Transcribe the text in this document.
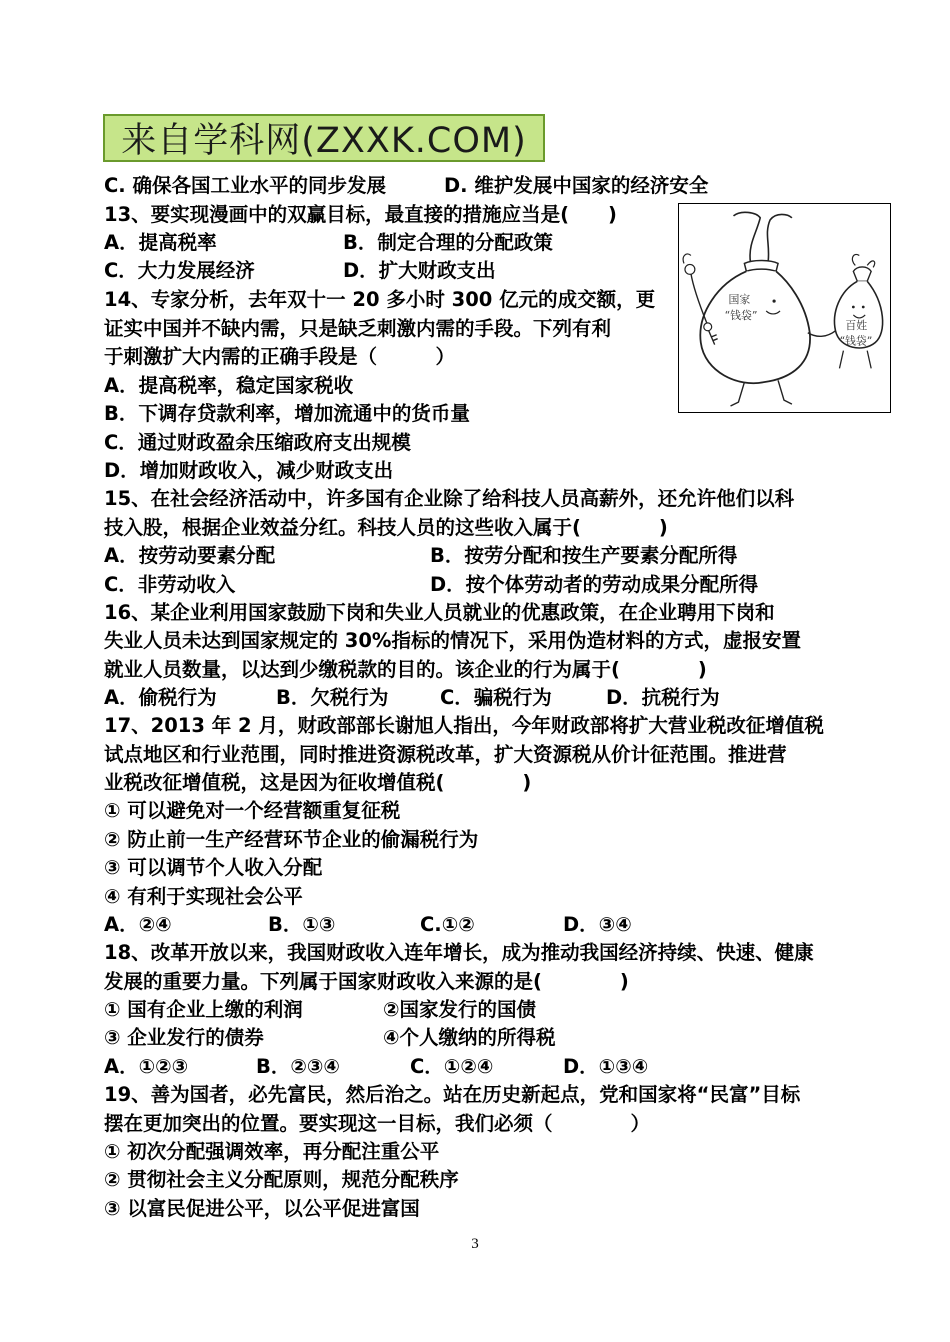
来自学科网(ZXXK.COM)
C. 确保各国工业水平的同步发展	D. 维护发展中国家的经济安全
13、要实现漫画中的双赢目标，最直接的措施应当是(　　)
A．提高税率	B．制定合理的分配政策
C．大力发展经济	D．扩大财政支出
国家
“钱袋”
百姓
“钱袋”
14、专家分析，去年双十一 20 多小时 300 亿元的成交额，更
证实中国并不缺内需，只是缺乏刺激内需的手段。下列有利
于刺激扩大内需的正确手段是（　　　）
A．提高税率，稳定国家税收
B．下调存贷款利率，增加流通中的货币量
C．通过财政盈余压缩政府支出规模
D．增加财政收入，减少财政支出
15、在社会经济活动中，许多国有企业除了给科技人员高薪外，还允许他们以科
技入股，根据企业效益分红。科技人员的这些收入属于(　　　　)
A．按劳动要素分配	B．按劳分配和按生产要素分配所得
C．非劳动收入	D．按个体劳动者的劳动成果分配所得
16、某企业利用国家鼓励下岗和失业人员就业的优惠政策，在企业聘用下岗和
失业人员未达到国家规定的 30%指标的情况下，采用伪造材料的方式，虚报安置
就业人员数量，以达到少缴税款的目的。该企业的行为属于(　　　　)
A．偷税行为	B．欠税行为	C．骗税行为	D．抗税行为
17、2013 年 2 月，财政部部长谢旭人指出，今年财政部将扩大营业税改征增值税
试点地区和行业范围，同时推进资源税改革，扩大资源税从价计征范围。推进营
业税改征增值税，这是因为征收增值税(　　　　)
① 可以避免对一个经营额重复征税
② 防止前一生产经营环节企业的偷漏税行为
③ 可以调节个人收入分配
④ 有利于实现社会公平
A．②④	B．①③	C.①②	D．③④
18、改革开放以来，我国财政收入连年增长，成为推动我国经济持续、快速、健康
发展的重要力量。下列属于国家财政收入来源的是(　　　　)
① 国有企业上缴的利润	②国家发行的国债
③ 企业发行的债券	④个人缴纳的所得税
A．①②③	B．②③④	C．①②④	D．①③④
19、善为国者，必先富民，然后治之。站在历史新起点，党和国家将“民富”目标
摆在更加突出的位置。要实现这一目标，我们必须（　　　　）
① 初次分配强调效率，再分配注重公平
② 贯彻社会主义分配原则，规范分配秩序
③ 以富民促进公平，以公平促进富国
3
